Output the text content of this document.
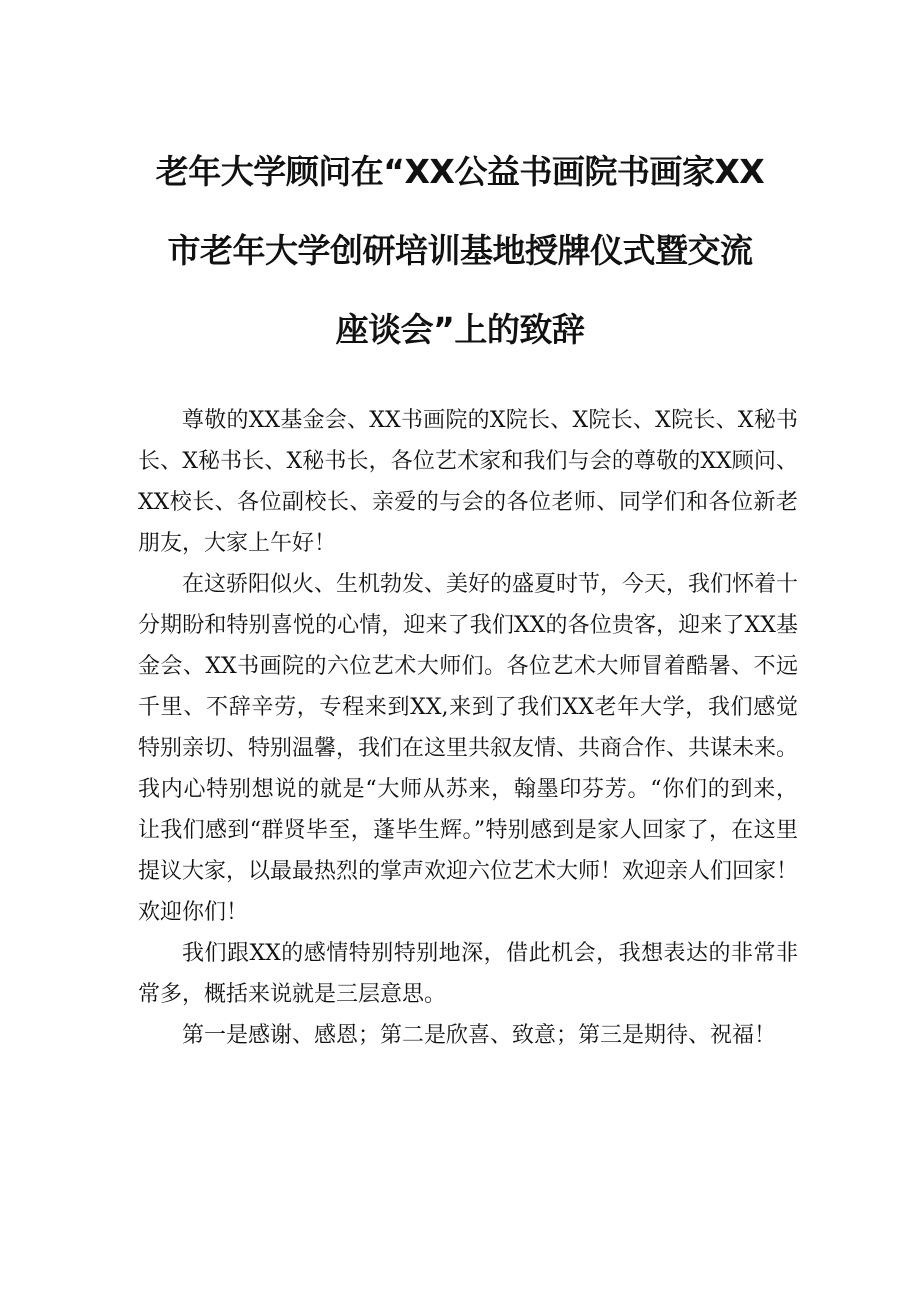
老年大学顾问在“XX公益书画院书画家XX
市老年大学创研培训基地授牌仪式暨交流
座谈会”上的致辞

尊敬的XX基金会、XX书画院的X院长、X院长、X院长、X秘书长、X秘书长、X秘书长，各位艺术家和我们与会的尊敬的XX顾问、XX校长、各位副校长、亲爱的与会的各位老师、同学们和各位新老朋友，大家上午好！

在这骄阳似火、生机勃发、美好的盛夏时节，今天，我们怀着十分期盼和特别喜悦的心情，迎来了我们XX的各位贵客，迎来了XX基金会、XX书画院的六位艺术大师们。各位艺术大师冒着酷暑、不远千里、不辞辛劳，专程来到XX,来到了我们XX老年大学，我们感觉特别亲切、特别温馨，我们在这里共叙友情、共商合作、共谋未来。我内心特别想说的就是“大师从苏来，翰墨印芬芳。“你们的到来，让我们感到“群贤毕至，蓬毕生辉。”特别感到是家人回家了，在这里提议大家，以最最热烈的掌声欢迎六位艺术大师！欢迎亲人们回家！欢迎你们！

我们跟XX的感情特别特别地深，借此机会，我想表达的非常非常多，概括来说就是三层意思。

第一是感谢、感恩；第二是欣喜、致意；第三是期待、祝福！
